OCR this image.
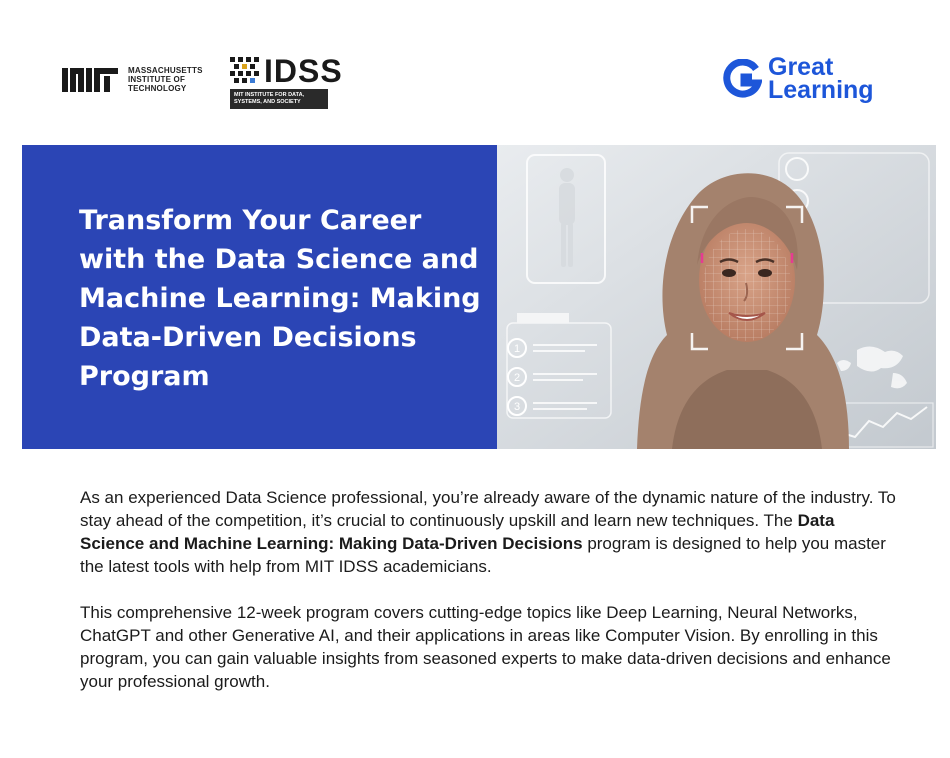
MASSACHUSETTS
INSTITUTE OF
TECHNOLOGY	IDSS
MIT INSTITUTE FOR DATA,
SYSTEMS, AND SOCIETY
Great
Learning
Transform Your Career with the Data Science and Machine Learning: Making Data-Driven Decisions Program
1
2
3

As an experienced Data Science professional, you’re already aware of the dynamic nature of the industry. To stay ahead of the competition, it’s crucial to continuously upskill and learn new techniques. The Data Science and Machine Learning: Making Data-Driven Decisions program is designed to help you master the latest tools with help from MIT IDSS academicians.

This comprehensive 12-week program covers cutting-edge topics like Deep Learning, Neural Networks, ChatGPT and other Generative AI, and their applications in areas like Computer Vision. By enrolling in this program, you can gain valuable insights from seasoned experts to make data-driven decisions and enhance your professional growth.
